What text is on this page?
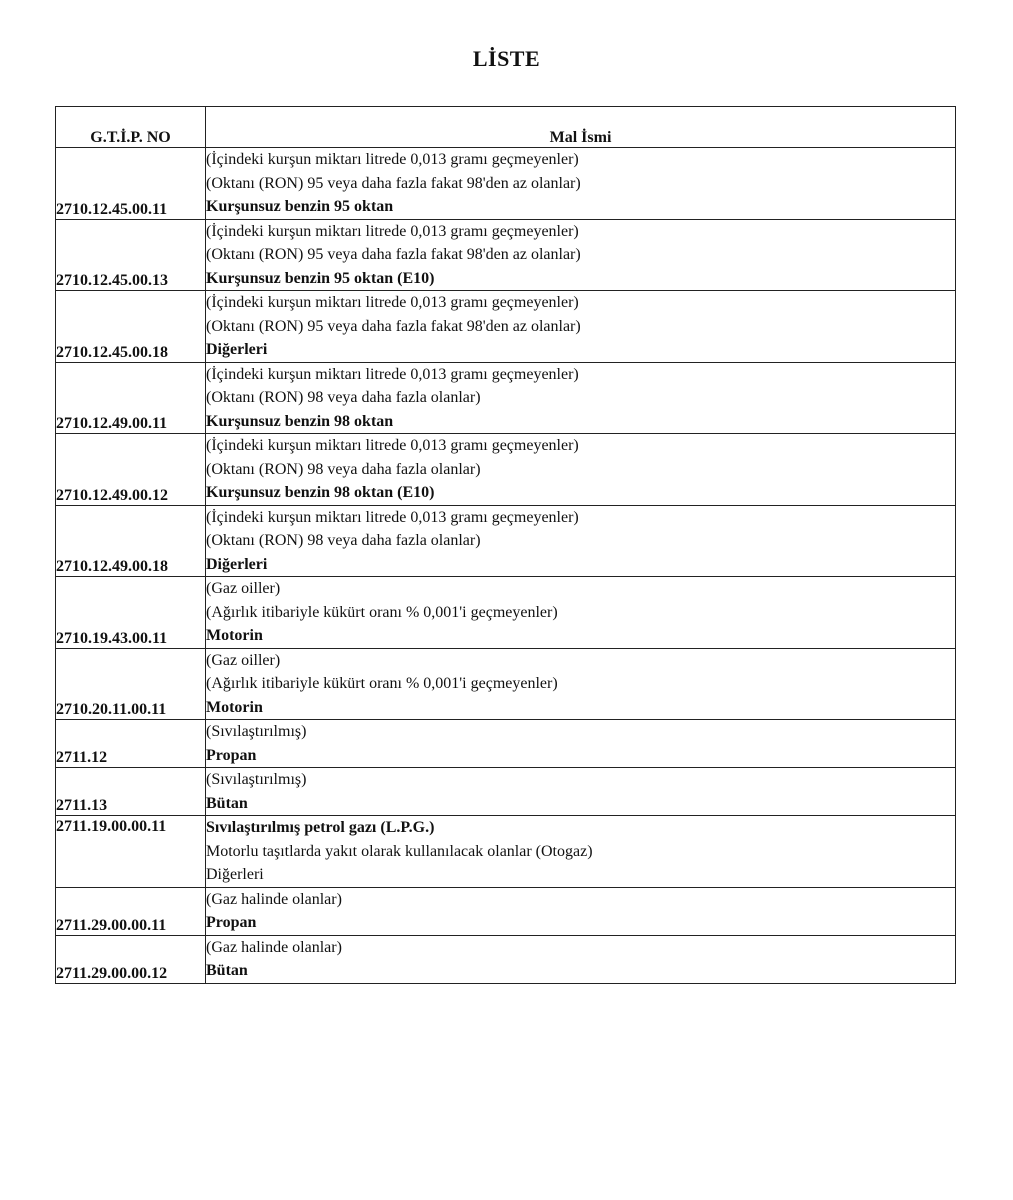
LİSTE
G.T.İ.P. NO	Mal İsmi
2710.12.45.00.11	(İçindeki kurşun miktarı litrede 0,013 gramı geçmeyenler)
(Oktanı (RON) 95 veya daha fazla fakat 98'den az olanlar)
Kurşunsuz benzin 95 oktan

2710.12.45.00.13	(İçindeki kurşun miktarı litrede 0,013 gramı geçmeyenler)
(Oktanı (RON) 95 veya daha fazla fakat 98'den az olanlar)
Kurşunsuz benzin 95 oktan (E10)

2710.12.45.00.18	(İçindeki kurşun miktarı litrede 0,013 gramı geçmeyenler)
(Oktanı (RON) 95 veya daha fazla fakat 98'den az olanlar)
Diğerleri

2710.12.49.00.11	(İçindeki kurşun miktarı litrede 0,013 gramı geçmeyenler)
(Oktanı (RON) 98 veya daha fazla olanlar)
Kurşunsuz benzin 98 oktan

2710.12.49.00.12	(İçindeki kurşun miktarı litrede 0,013 gramı geçmeyenler)
(Oktanı (RON) 98 veya daha fazla olanlar)
Kurşunsuz benzin 98 oktan (E10)

2710.12.49.00.18	(İçindeki kurşun miktarı litrede 0,013 gramı geçmeyenler)
(Oktanı (RON) 98 veya daha fazla olanlar)
Diğerleri

2710.19.43.00.11	(Gaz oiller)
(Ağırlık itibariyle kükürt oranı % 0,001'i geçmeyenler)
Motorin

2710.20.11.00.11	(Gaz oiller)
(Ağırlık itibariyle kükürt oranı % 0,001'i geçmeyenler)
Motorin

2711.12	(Sıvılaştırılmış)
Propan

2711.13	(Sıvılaştırılmış)
Bütan

2711.19.00.00.11	Sıvılaştırılmış petrol gazı (L.P.G.)
Motorlu taşıtlarda yakıt olarak kullanılacak olanlar (Otogaz)
Diğerleri

2711.29.00.00.11	(Gaz halinde olanlar)
Propan

2711.29.00.00.12	(Gaz halinde olanlar)
Bütan
